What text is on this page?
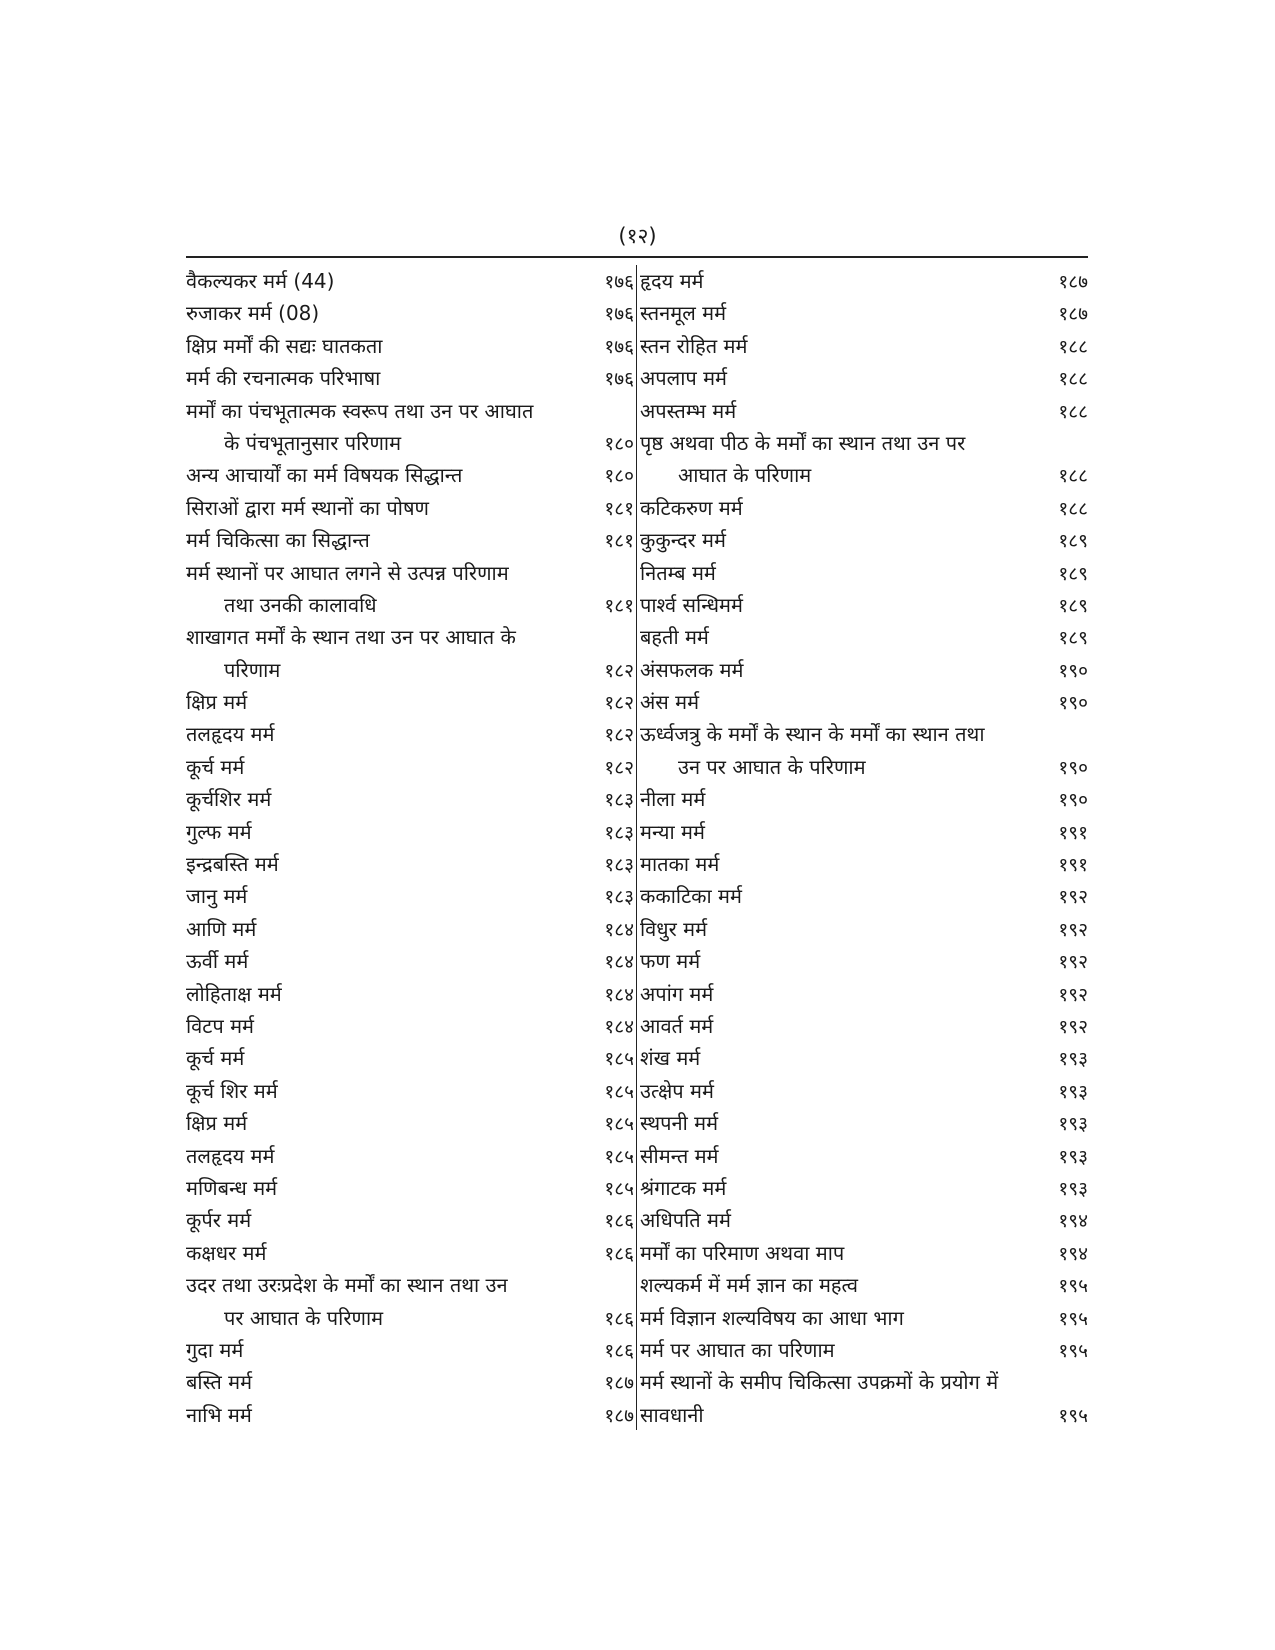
(१२)
वैकल्यकर मर्म (44)	१७६
रुजाकर मर्म (08)	१७६
क्षिप्र मर्मों की सद्यः घातकता	१७६
मर्म की रचनात्मक परिभाषा	१७६
मर्मों का पंचभूतात्मक स्वरूप तथा उन पर आघात
के पंचभूतानुसार परिणाम	१८०
अन्य आचार्यों का मर्म विषयक सिद्धान्त	१८०
सिराओं द्वारा मर्म स्थानों का पोषण	१८१
मर्म चिकित्सा का सिद्धान्त	१८१
मर्म स्थानों पर आघात लगने से उत्पन्न परिणाम
तथा उनकी कालावधि	१८१
शाखागत मर्मों के स्थान तथा उन पर आघात के
परिणाम	१८२
क्षिप्र मर्म	१८२
तलहृदय मर्म	१८२
कूर्च मर्म	१८२
कूर्चशिर मर्म	१८३
गुल्फ मर्म	१८३
इन्द्रबस्ति मर्म	१८३
जानु मर्म	१८३
आणि मर्म	१८४
ऊर्वी मर्म	१८४
लोहिताक्ष मर्म	१८४
विटप मर्म	१८४
कूर्च मर्म	१८५
कूर्च शिर मर्म	१८५
क्षिप्र मर्म	१८५
तलहृदय मर्म	१८५
मणिबन्ध मर्म	१८५
कूर्पर मर्म	१८६
कक्षधर मर्म	१८६
उदर तथा उरःप्रदेश के मर्मों का स्थान तथा उन
पर आघात के परिणाम	१८६
गुदा मर्म	१८६
बस्ति मर्म	१८७
नाभि मर्म	१८७
हृदय मर्म	१८७
स्तनमूल मर्म	१८७
स्तन रोहित मर्म	१८८
अपलाप मर्म	१८८
अपस्तम्भ मर्म	१८८
पृष्ठ अथवा पीठ के मर्मों का स्थान तथा उन पर
आघात के परिणाम	१८८
कटिकरुण मर्म	१८८
कुकुन्दर मर्म	१८९
नितम्ब मर्म	१८९
पार्श्व सन्धिमर्म	१८९
बहती मर्म	१८९
अंसफलक मर्म	१९०
अंस मर्म	१९०
ऊर्ध्वजत्रु के मर्मों के स्थान के मर्मों का स्थान तथा
उन पर आघात के परिणाम	१९०
नीला मर्म	१९०
मन्या मर्म	१९१
मातका मर्म	१९१
ककाटिका मर्म	१९२
विधुर मर्म	१९२
फण मर्म	१९२
अपांग मर्म	१९२
आवर्त मर्म	१९२
शंख मर्म	१९३
उत्क्षेप मर्म	१९३
स्थपनी मर्म	१९३
सीमन्त मर्म	१९३
श्रंगाटक मर्म	१९३
अधिपति मर्म	१९४
मर्मों का परिमाण अथवा माप	१९४
शल्यकर्म में मर्म ज्ञान का महत्व	१९५
मर्म विज्ञान शल्यविषय का आधा भाग	१९५
मर्म पर आघात का परिणाम	१९५
मर्म स्थानों के समीप चिकित्सा उपक्रमों के प्रयोग में
सावधानी	१९५
